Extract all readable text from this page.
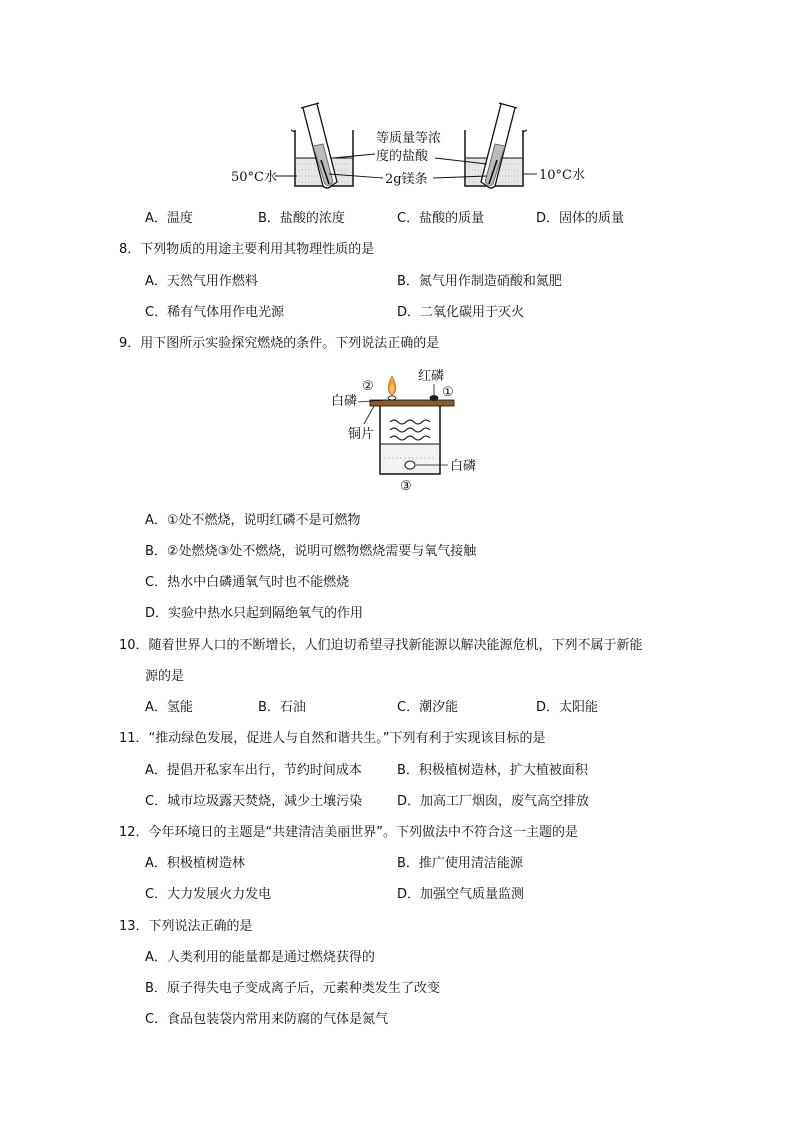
50°C水	10°C水
等质量等浓
度的盐酸
2g镁条
A．温度	B．盐酸的浓度	C．盐酸的质量	D．固体的质量
8．下列物质的用途主要利用其物理性质的是
A．天然气用作燃料	B．氮气用作制造硝酸和氮肥
C．稀有气体用作电光源	D．二氧化碳用于灭火
9．用下图所示实验探究燃烧的条件。下列说法正确的是
红磷
白磷
铜片
白磷
①
②
③
A．①处不燃烧，说明红磷不是可燃物
B．②处燃烧③处不燃烧，说明可燃物燃烧需要与氧气接触
C．热水中白磷通氧气时也不能燃烧
D．实验中热水只起到隔绝氧气的作用
10．随着世界人口的不断增长，人们迫切希望寻找新能源以解决能源危机，下列不属于新能
源的是
A．氢能	B．石油	C．潮汐能	D．太阳能
11．“推动绿色发展，促进人与自然和谐共生。”下列有利于实现该目标的是
A．提倡开私家车出行，节约时间成本	B．积极植树造林，扩大植被面积
C．城市垃圾露天焚烧，减少土壤污染	D．加高工厂烟囱，废气高空排放
12．今年环境日的主题是“共建清洁美丽世界”。下列做法中不符合这一主题的是
A．积极植树造林	B．推广使用清洁能源
C．大力发展火力发电	D．加强空气质量监测
13．下列说法正确的是
A．人类利用的能量都是通过燃烧获得的
B．原子得失电子变成离子后，元素种类发生了改变
C．食品包装袋内常用来防腐的气体是氮气
